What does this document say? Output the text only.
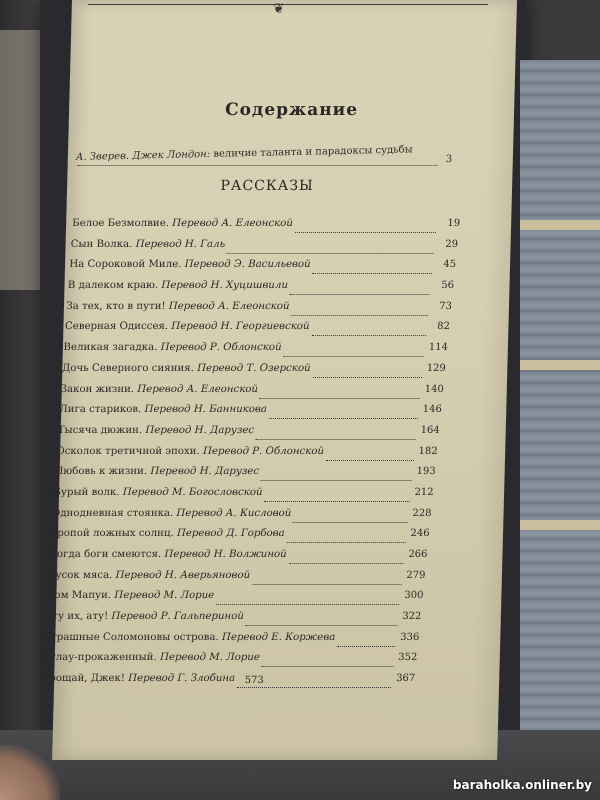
❦
Содержание
А. Зверев. Джек Лондон: величие таланта и парадоксы судьбы	3
РАССКАЗЫ
Белое Безмолвие. Перевод А. Елеонской	19
Сын Волка. Перевод Н. Галь	29
На Сороковой Миле. Перевод Э. Васильевой	45
В далеком краю. Перевод Н. Хуцишвили	56
За тех, кто в пути! Перевод А. Елеонской	73
Северная Одиссея. Перевод Н. Георгиевской	82
Великая загадка. Перевод Р. Облонской	114
Дочь Северного сияния. Перевод Т. Озерской	129
Закон жизни. Перевод А. Елеонской	140
Лига стариков. Перевод Н. Банникова	146
Тысяча дюжин. Перевод Н. Дарузес	164
Осколок третичной эпохи. Перевод Р. Облонской	182
Любовь к жизни. Перевод Н. Дарузес	193
Бурый волк. Перевод М. Богословской	212
Однодневная стоянка. Перевод А. Кисловой	228
Тропой ложных солнц. Перевод Д. Горбова	246
Когда боги смеются. Перевод Н. Волжиной	266
Кусок мяса. Перевод Н. Аверьяновой	279
Дом Мапуи. Перевод М. Лорие	300
Ату их, ату! Перевод Р. Гальпериной	322
Страшные Соломоновы острова. Перевод Е. Коржева	336
Кулау-прокаженный. Перевод М. Лорие	352
Прощай, Джек! Перевод Г. Злобина	367
573
baraholka.onliner.by
